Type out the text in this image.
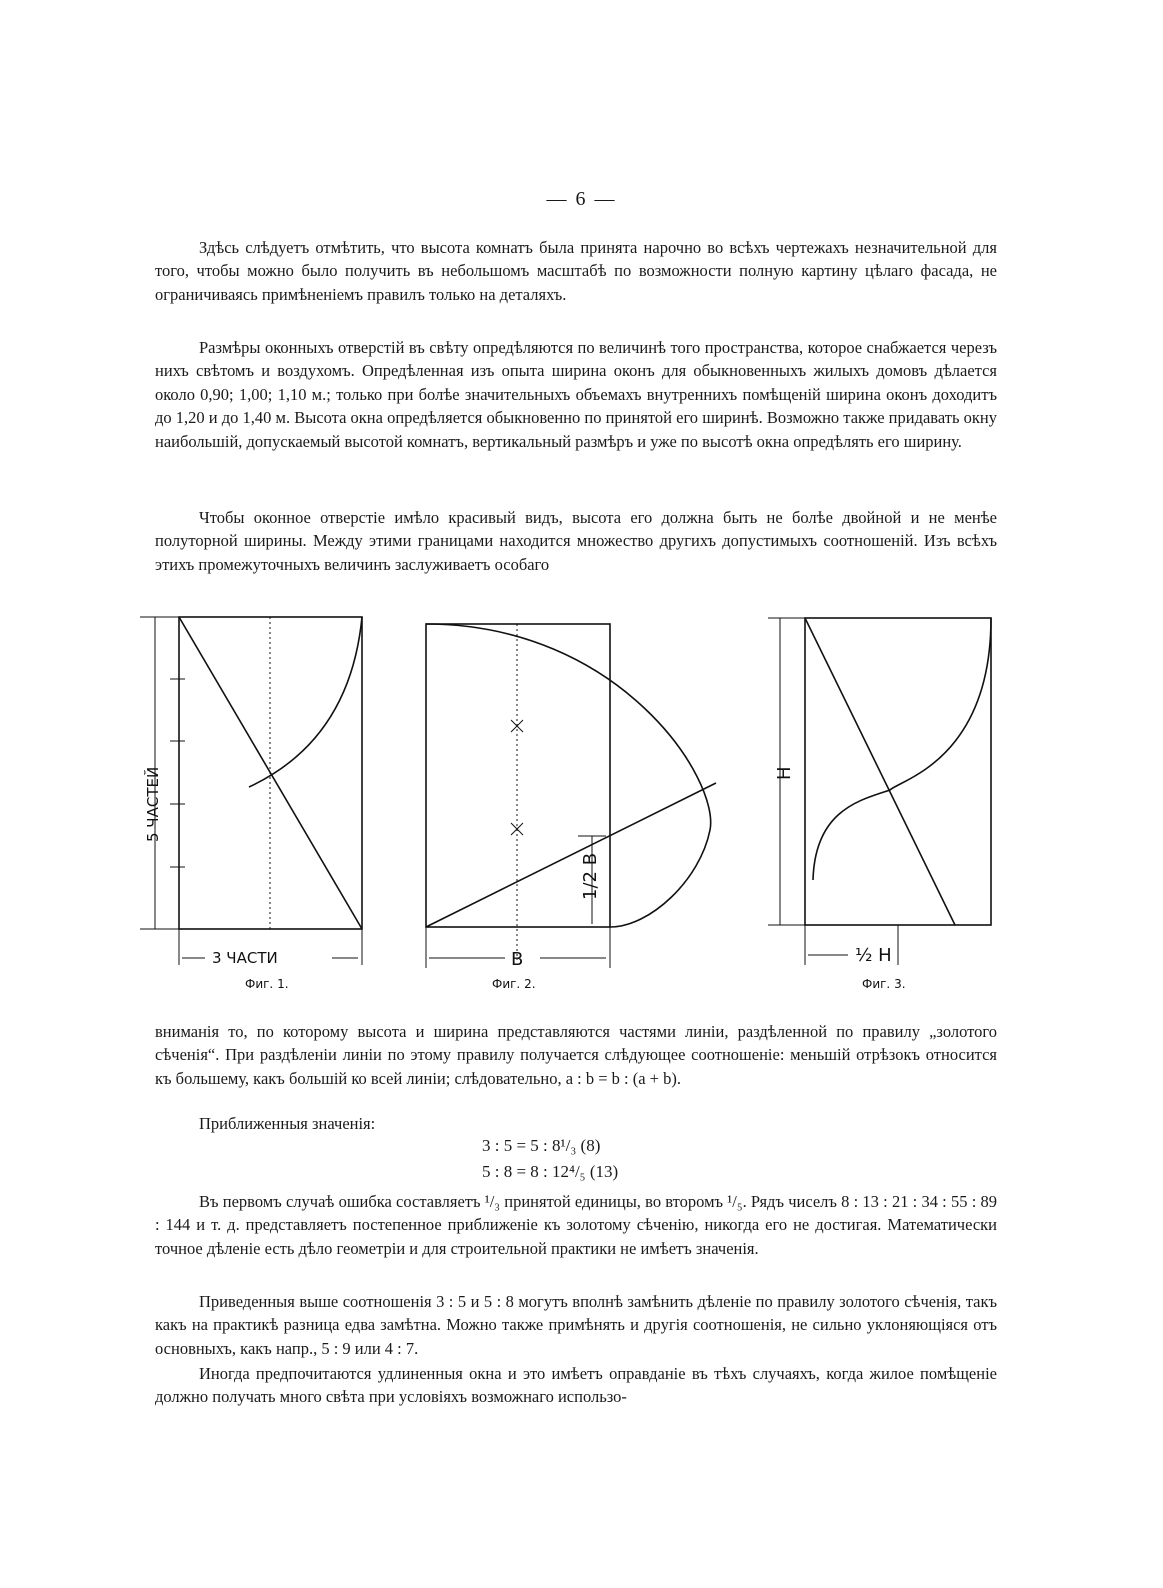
— 6 —

Здѣсь слѣдуетъ отмѣтить, что высота комнатъ была принята нарочно во всѣхъ чертежахъ незначительной для того, чтобы можно было получить въ небольшомъ масштабѣ по возможности полную картину цѣлаго фасада, не ограничиваясь примѣненіемъ правилъ только на деталяхъ.

Размѣры оконныхъ отверстій въ свѣту опредѣляются по величинѣ того пространства, которое снабжается черезъ нихъ свѣтомъ и воздухомъ. Опредѣленная изъ опыта ширина оконъ для обыкновенныхъ жилыхъ домовъ дѣлается около 0,90; 1,00; 1,10 м.; только при болѣе значительныхъ объемахъ внутреннихъ помѣщеній ширина оконъ доходитъ до 1,20 и до 1,40 м. Высота окна опредѣляется обыкновенно по принятой его ширинѣ. Возможно также придавать окну наибольшій, допускаемый высотой комнатъ, вертикальный размѣръ и уже по высотѣ окна опредѣлять его ширину.

Чтобы оконное отверстіе имѣло красивый видъ, высота его должна быть не болѣе двойной и не менѣе полуторной ширины. Между этими границами находится множество другихъ допустимыхъ соотношеній. Изъ всѣхъ этихъ промежуточныхъ величинъ заслуживаетъ особаго

5 ЧАСТЕЙ
3 ЧАСТИ
Фиг. 1.
1/2 B
B
Фиг. 2.
H
½ H
Фиг. 3.

вниманія то, по которому высота и ширина представляются частями линіи, раздѣленной по правилу „золотого сѣченія“. При раздѣленіи линіи по этому правилу получается слѣдующее соотношеніе: меньшій отрѣзокъ относится къ большему, какъ большій ко всей линіи; слѣдовательно, a : b = b : (a + b).

Приближенныя значенія:
3 : 5 = 5 : 8¹/₃ (8)
5 : 8 = 8 : 12⁴/₅ (13)

Въ первомъ случаѣ ошибка составляетъ ¹/₃ принятой единицы, во второмъ ¹/₅. Рядъ чиселъ 8 : 13 : 21 : 34 : 55 : 89 : 144 и т. д. представляетъ постепенное приближеніе къ золотому сѣченію, никогда его не достигая. Математически точное дѣленіе есть дѣло геометріи и для строительной практики не имѣетъ значенія.

Приведенныя выше соотношенія 3 : 5 и 5 : 8 могутъ вполнѣ замѣнить дѣленіе по правилу золотого сѣченія, такъ какъ на практикѣ разница едва замѣтна. Можно также примѣнять и другія соотношенія, не сильно уклоняющіяся отъ основныхъ, какъ напр., 5 : 9 или 4 : 7.

Иногда предпочитаются удлиненныя окна и это имѣетъ оправданіе въ тѣхъ случаяхъ, когда жилое помѣщеніе должно получать много свѣта при условіяхъ возможнаго использо-
